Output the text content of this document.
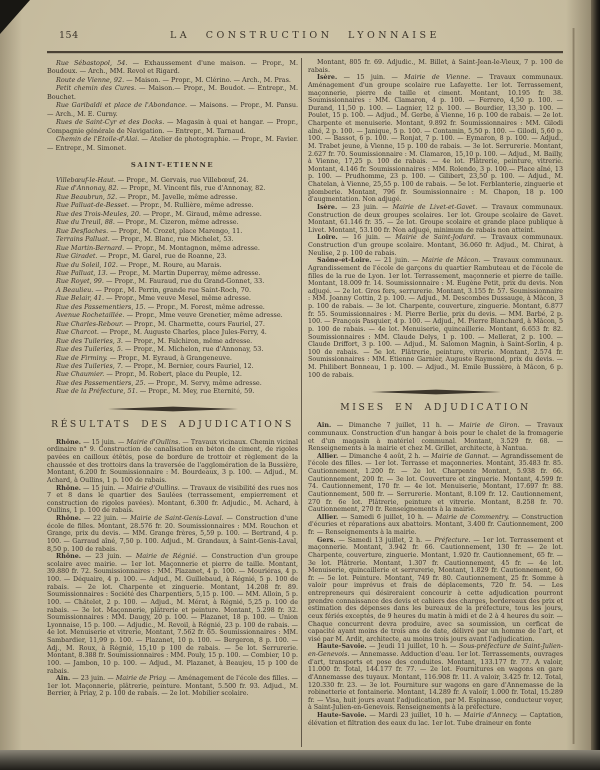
154	LA CONSTRUCTION LYONNAISE

Rue Sébastopol, 54. — Exhaussement d'une maison. — Propr., M. Boudoux. — Arch., MM. Revol et Rigard.

Route de Vienne, 92. — Maison. — Propr., M. Clérino. — Arch., M. Pras.

Petit chemin des Cures. — Maison.— Propr., M. Boudot. — Entrepr., M. Bouchet.

Rue Garibaldi et place de l'Abondance. — Maisons. — Propr., M. Pansu. — Arch., M. E. Curny.

Rues de Saint-Cyr et des Docks. — Magasin à quai et hangar. — Propr., Compagnie générale de Navigation. — Entrepr., M. Tarnaud.

Chemin de l'Etoile-d'Alai. — Atelier de photographie. — Propr., M. Favier. — Entrepr., M. Simonet.

SAINT-ETIENNE

Villebœuf-le-Haut. — Propr., M. Gervais, rue Villebœuf, 24.

Rue d'Annonay, 82. — Propr., M. Vincent fils, rue d'Annonay, 82.

Rue Beaubrun, 52. — Propr., M. Javelle, même adresse.

Rue Palluat-de-Besset. — Propr., M. Rullière, même adresse.

Rue des Trois-Meules, 20. — Propr., M. Giraud, même adresse.

Rue du Treuil, 88. — Propr., M. Cizeron, même adresse.

Rue Desflaches. — Propr., M. Crozet, place Marengo, 11.

Terrains Palluat. — Propr., M. Blanc, rue Michelet, 53.

Rue Martin-Bernard. — Propr., M. Montagnon, même adresse.

Rue Giradet. — Propr., M. Garel, rue de Roanne, 23.

Rue du Soleil, 102. — Propr., M. Roure, au Marais.

Rue Palluat, 13. — Propr., M. Martin Duperray, même adresse.

Rue Royet, 99. — Propr., M. Fauraud, rue du Grand-Gonnet, 33.

A Beaulieu. — Propr., M. Perrin, grande rue Saint-Roch, 70.

Rue Belair, 41. — Propr., Mme veuve Mesel, même adresse.

Rue des Passementiers, 15. — Propr., M. Forest, même adresse.

Avenue Rochetaillée. — Propr., Mme veuve Grenetier, même adresse.

Rue Charles-Rebour. — Propr., M. Charmette, cours Fauriel, 27.

Rue Charcot. — Propr., M. Auguste Charles, place Jules-Ferry, 4.

Rue des Tuileries, 3. — Propr., M. Falchiron, même adresse.

Rue des Tuileries, 5. — Propr., M. Michelon, rue d'Annonay, 53.

Rue de Firminy. — Propr., M. Eyraud, à Grangeneuve.

Rue des Tuileries, 7. — Propr., M. Bernier, cours Fauriel, 12.

Rue Chaumier. — Propr., M. Robert, place du Peuple, 12.

Rue des Passementiers, 25. — Propr., M. Servy, même adresse.

Rue de la Préfecture, 51. — Propr., M. Mey, rue Eternité, 59.

RÉSULTATS DES ADJUDICATIONS

Rhône. — 15 juin. — Mairie d'Oullins. — Travaux vicinaux. Chemin vicinal ordinaire n° 9. Construction de canalisation en béton de ciment, de rigoles pavées en cailloux étêtés, pose de bordure de trottoir et règlement de la chaussée et des trottoirs dans la traversée de l'agglomération de la Bussière, Montant, 6.200 fr. Soumissionnaire : M. Bourdeaux, 3 p. 100. — Adjud., M. Achard, à Oullins, 1 p. 100 de rabais.

Rhône. — 15 juin. — Mairie d'Oullins. — Travaux de visibilité des rues nos 7 et 8 dans le quartier des Saulées (terrassement, empierrement et construction de rigoles pavées). Montant, 6.300 fr. Adjudic., M. Achard, à Oullins, 1 p. 100 de rabais.

Rhône. — 22 juin. — Mairie de Saint-Genis-Laval. — Construction d'une école de filles. Montant, 28.576 fr. 20. Soumissionnaires : MM. Rouchon et Grange, prix du devis. — MM. Grange frères, 5,59 p. 100. — Bertrand, 4 p. 100. — Garraud aîné, 7,50 p. 100. Adjud., M. Grandaux, à Saint-Genis-Laval, 8,50 p. 100 de rabais.

Rhône. — 23 juin. — Mairie de Régnié. — Construction d'un groupe scolaire avec mairie. — 1er lot. Maçonnerie et pierre de taille. Montant, 39.880 fr. 72. Soumissionnaires : MM. Plazanet, 4 p. 100. — Mouriéras, 4 p. 100. — Déquaire, 4 p. 100. — Adjud., M. Guillebaud, à Régnié, 5 p. 100 de rabais. — 2e lot. Charpente et zinguerie. Montant, 14.208 fr. 89. Soumissionnaires : Société des Charpentiers, 5,15 p. 100. — MM. Alloin, 5 p. 100. — Châtelet, 2 p. 100. — Adjud., M. Mérat, à Régnié, 5,25 p. 100 de rabais. — 3e lot. Maçonnerie, plâtrerie et peinture. Montant, 5.298 fr. 32. Soumissionnaires : MM. Daugy, 20 p. 100. — Plazanet, 18 p. 100. — Union Lyonnaise, 15 p. 100. — Adjudic., M. Revoil, à Régnié, 23 p. 100 de rabais. — 4e lot. Menuiserie et vitrerie, Montant, 7.562 fr. 65. Soumissionnaires : MM. Sambardier, 11,99 p. 100. — Plazanet, 10 p. 100. — Bergeron, 8 p. 100. — Adj., M. Roux, à Régnié, 15,10 p 100 de rabais. — 5e lot. Serrurerie. Montant, 8.388 fr. Soumissionnaires : MM. Pouly, 15 p. 100. — Combier, 10 p. 100. — Jambon, 10 p. 100. — Adjud., M. Plazanet, à Beaujeu, 15 p 100 de rabais.

Ain. — 23 juin. — Mairie de Priay. — Aménagement de l'école des filles. — 1er lot. Maçonnerie, plâtrerie, peinture. Montant, 5.500 fr. 93. Adjud., M. Berrier, à Priay, 2 p. 100 de rabais. — 2e lot. Mobilier scolaire.

Montant, 805 fr. 69. Adjudic., M. Billet, à Saint-Jean-le-Vieux, 7 p. 100 de rabais.

Isère. — 15 juin. — Mairie de Vienne. — Travaux communaux. Aménagement d'un groupe scolaire rue Lafayette. 1er lot. Terrassement, maçonnerie, pierre de taille et ciment. Montant, 10.195 fr. 38. Soumissionnaires : MM. Clamaron, 4 p. 100. — Ferrero, 4,50 p. 100. — Durand, 11,50 p. 100. — Lagnier, 12 p. 100. — Bourdier, 13,30 p. 100. — Poulet, 15 p. 100. — Adjud., M. Gerbe, à Vienne, 16 p. 100 de rabais. — 2e lot. Charpente et menuiserie. Montant, 9.892 fr. Soumissionnaires : MM. Gilodi aîné, 2 p. 100. — Janique, 5 p. 100. — Contamin, 5,50 p. 100. — Gilodi, 5,60 p. 100. — Bassot, 6 p. 100. — Ronjat, 7 p. 100. — Eymaron, 8 p. 100. — Adjud., M. Trabet jeune, à Vienne, 15 p. 100 de rabais. — 3e lot. Serrurerie. Montant, 2.627 fr. 70. Soumissionnaire : M. Clamaron, 15,10 p. 100. — Adjud., M. Bailly, à Vienne, 17,25 p. 100 de rabais. — 4e lot. Plâtrerie, peinture, vitrerie. Montant, 4.146 fr. Soumissionnaires : MM. Rolendo, 3 p. 100.— Place aîné, 13 p. 100. — Prudhomme, 23 p. 100. — Gilibert, 23,50 p. 100. — Adjud., M. Chatelan, à Vienne, 25,55 p. 100 de rabais. — 5e lot. Ferblanterie, zinguerie et plomberie. Montant, 796 fr. Soumissionnaire : M. Chapon, 18 p. 100 d'augmentation. Non adjugé.

Isère. — 23 juin. — Mairie de Livet-et-Gavet. — Travaux communaux. Construction de deux groupes scolaires. 1er lot. Groupe scolaire de Gavet. Montant, 61.146 fr. 35. — 2e lot. Groupe scolaire et grande place publique à Livet. Montant, 53.100 fr. Non adjugé, minimum de rabais non atteint.

Loire. — 16 juin. — Mairie de Saint-Jodard. — Travaux communaux. Construction d'un groupe scolaire. Montant, 36.060 fr. Adjud., M. Chirat, à Neulise, 2 p. 100 de rabais.

Saône-et-Loire. — 21 juin. — Mairie de Mâcon. — Travaux communaux. Agrandissement de l'école de garçons du quartier Rambuteau et de l'école de filles de la rue de Lyon. 1er lot. Terrassement, maçonnerie et pierre de taille. Montant, 18.009 fr. 14. Soumissionnaire : M. Eugène Petit, prix du devis. Non adjugé. — 2e lot. Gros fers, serrurerie. Montant, 3.155 fr. 57. Soumissionnaire : MM. Joanny Cottin, 2 p. 100. — Adjud., M. Descombes Dussauge, à Mâcon, 3 p. 100 de rabais. — 3e lot. Charpente, couverture, zinguerie. Montant, 6.877 fr. 55. Soumissionnaires : M. Pierre Berlie, prix du devis. — MM. Barbé, 2 p. 100. — François Pasquier, 4 p. 100. — Adjud., M. Pierre Blanchard, à Mâcon, 5 p. 100 de rabais. — 4e lot. Menuiserie, quincaillerie. Montant, 6.653 fr. 82. Soumissionnaires : MM. Claude Delys, 1 p. 100. — Mellerat, 2 p. 100. — Claude Driffort, 3 p. 100. — Adjud., M. Salomon Magnin, à Saint-Sorlin, 4 p. 100 de rabais. — 5e lot. Plâtrerie, peinture, vitrerie. Montant, 2.574 fr. Soumissionnaires : MM. Etienne Garnier, Auguste Raymond, prix du devis. — M. Philibert Bonneau, 1 p. 100. — Adjud., M. Emile Bussière, à Mâcon, 6 p. 100 de rabais.

MISES EN ADJUDICATION

Ain. — Dimanche 7 juillet, 11 h. — Mairie de Giron. — Travaux communaux. Construction d'un hangar à bois pour le chalet de la fromagerie et d'un magasin à matériel communal. Montant, 3.529 fr. 68. — Renseignements à la mairie et chez M. Grillet, architecte, à Nantua.

Allier. — Dimanche 4 août, 2 h. — Mairie de Gannat. — Agrandissement de l'école des filles. — 1er lot. Terrasse et maçonneries. Montant, 35.483 fr. 85. Cautionnement, 1.200 fr. — 2e lot. Charpente Montant, 5.938 fr. 66. Cautionnement, 200 fr. — 3e lot. Couverture et zinguerie. Montant, 4.599 fr. 74. Cautionnement, 170 fr. — 4e lot. Menuiserie, Montant, 17.697 fr. 88. Cautionnement, 500 fr. — Serrurerie. Montant, 8.109 fr. 12. Cautionnement, 270 fr. 6e lot. Plâtrerie, peinture et vitrerie. Montant, 8.258 fr. 70. Cautionnement, 270 fr. Renseignements à la mairie.

Allier. — Samedi 6 juillet, 10 h. — Mairie de Commentry. — Construction d'écuries et réparations aux abattoirs. Montant, 3.400 fr. Cautionnement, 200 fr. — Renseignements à la mairie.

Gers. — Samedi 13 juillet, 2 h. — Préfecture. — 1er lot. Terrassement et maçonnerie. Montant, 3.942 fr. 66. Cautionnement, 130 fr. — 2e lot. Charpente, couverture, zinguerie. Montant, 1.920 fr. Cautionnement, 65 fr. — 3e lot. Plâtrerie. Montant, 1.307 fr. Cautionnement, 45 fr. — 4e lot. Menuiserie, quincaillerie et serrurerie, Montant, 1.829 fr. Cautionnement, 60 fr. — 5e lot. Peinture. Montant, 749 fr. 80. Cautionnement, 25 fr. Somme à valoir pour imprévus et frais de déplacements, 720 fr. 54. — Les entrepreneurs qui désireraient concourir à cette adjudication pourront prendre connaissance des devis et cahiers des charges, bordereaux des prix et estimation des dépenses dans les bureaux de la préfecture, tous les jours, ceux fériés exceptés, de 9 heures du matin à midi et de 2 à 4 heures du soir. — Chaque concurrent devra produire, avec sa soumission, un cerficat de capacité ayant moins de trois ans de date, délivré par un homme de l'art, et visé par M. Ardit, architecte, au moins trois jours avant l'adjudication.

Haute-Savoie. — Jeudi 11 juillet, 10 h. — Sous-préfecture de Saint-Julien-en-Genevois. — Annemasse. Adduction d'eau. 1er lot. Terrassements, ouvrages d'art, transports et pose des conduites. Montant, 133.177 fr. 77. A valoir, 11.000 fr. Total, 144.177 fr. 77. — 2e lot. Fournitures en wagons en gare d'Annemasse des tuyaux. Montant, 116.908 fr. 11. A valoir, 3.425 fr. 12. Total, 120.330 fr. 23. — 3e lot. Fourniture sur wagons en gare d'Annemasse de la robinetterie et fontainerie. Montant, 14.289 fr. A valoir, 1.000 fr. Total, 15.289 fr. — Visa, huit jours avant l'adjudication, par M. Espinasse, conducteur voyer, à Saint-Julien-en-Genevois. Renseignements à la préfecture.

Haute-Savoie. — Mardi 23 juillet, 10 h. — Mairie d'Annecy. — Captation, élévation et filtration des eaux du lac. 1er lot. Tube draineur en fonte
